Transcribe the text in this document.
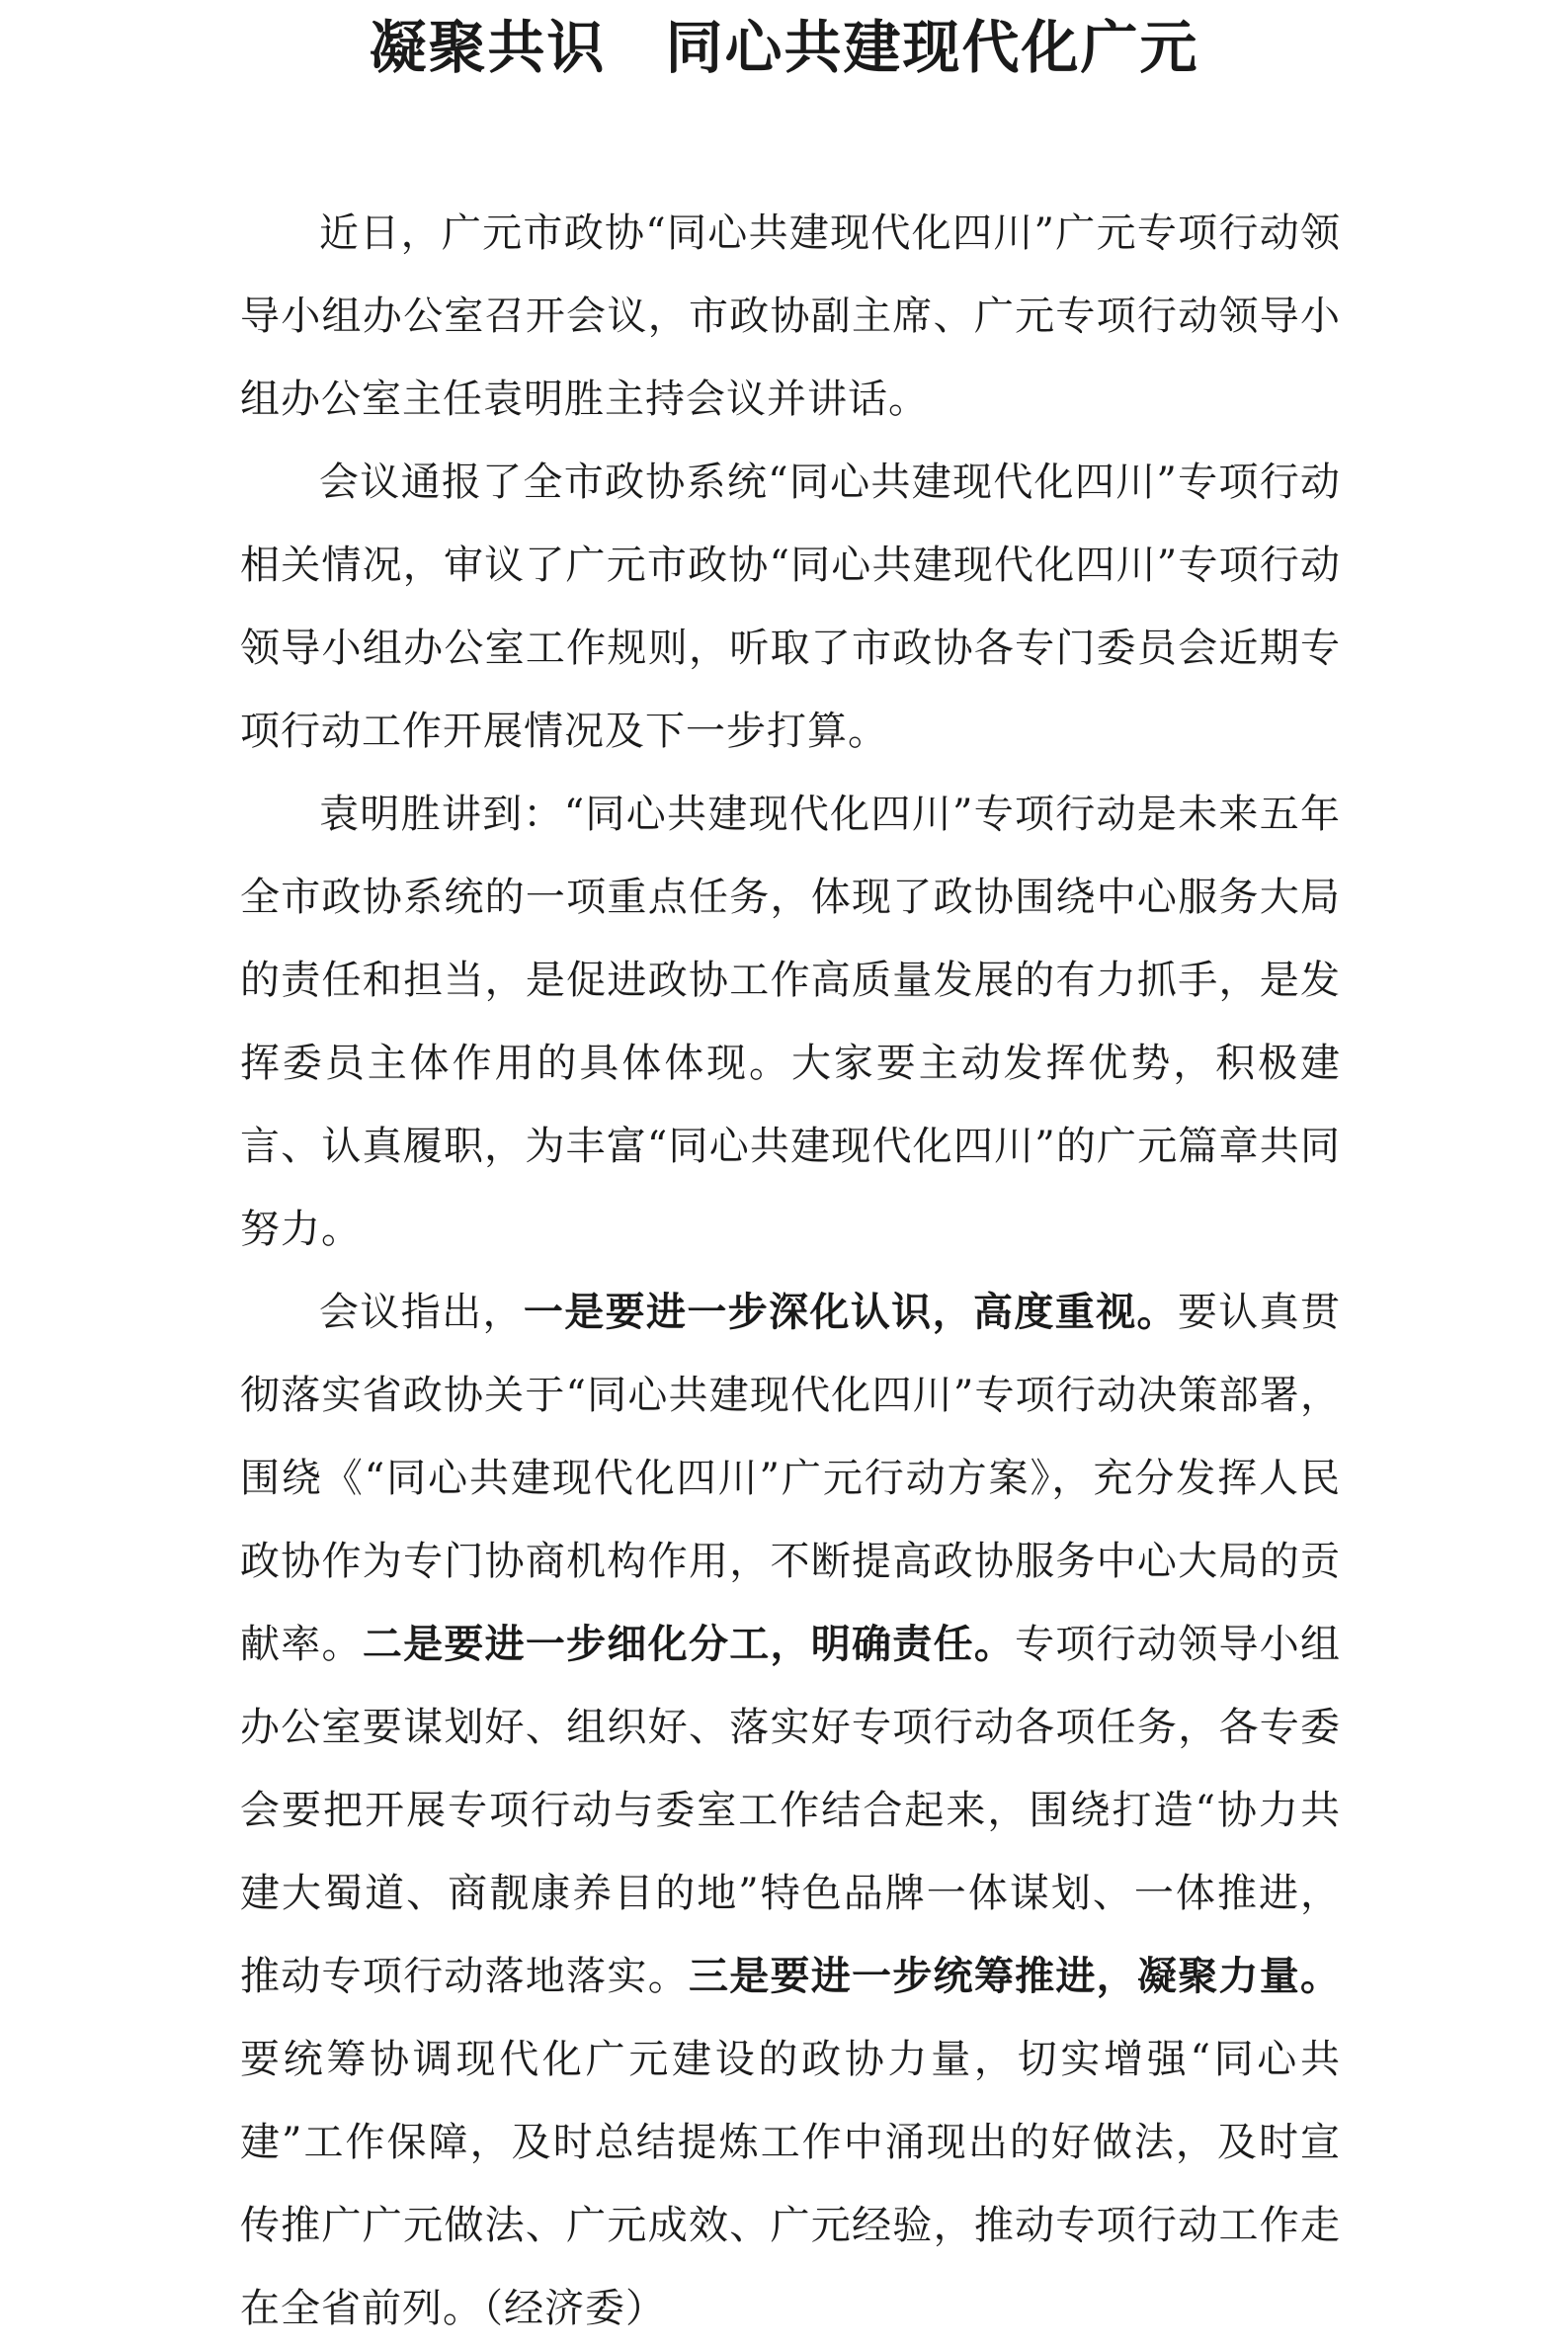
凝聚共识　同心共建现代化广元

近日，广元市政协“同心共建现代化四川”广元专项行动领导小组办公室召开会议，市政协副主席、广元专项行动领导小组办公室主任袁明胜主持会议并讲话。

会议通报了全市政协系统“同心共建现代化四川”专项行动相关情况，审议了广元市政协“同心共建现代化四川”专项行动领导小组办公室工作规则，听取了市政协各专门委员会近期专项行动工作开展情况及下一步打算。

袁明胜讲到：“同心共建现代化四川”专项行动是未来五年全市政协系统的一项重点任务，体现了政协围绕中心服务大局的责任和担当，是促进政协工作高质量发展的有力抓手，是发挥委员主体作用的具体体现。大家要主动发挥优势，积极建言、认真履职，为丰富“同心共建现代化四川”的广元篇章共同努力。

会议指出，一是要进一步深化认识，高度重视。要认真贯彻落实省政协关于“同心共建现代化四川”专项行动决策部署，围绕《“同心共建现代化四川”广元行动方案》，充分发挥人民政协作为专门协商机构作用，不断提高政协服务中心大局的贡献率。二是要进一步细化分工，明确责任。专项行动领导小组办公室要谋划好、组织好、落实好专项行动各项任务，各专委会要把开展专项行动与委室工作结合起来，围绕打造“协力共建大蜀道、商靓康养目的地”特色品牌一体谋划、一体推进，推动专项行动落地落实。三是要进一步统筹推进，凝聚力量。要统筹协调现代化广元建设的政协力量，切实增强“同心共建”工作保障，及时总结提炼工作中涌现出的好做法，及时宣传推广广元做法、广元成效、广元经验，推动专项行动工作走在全省前列。（经济委）
